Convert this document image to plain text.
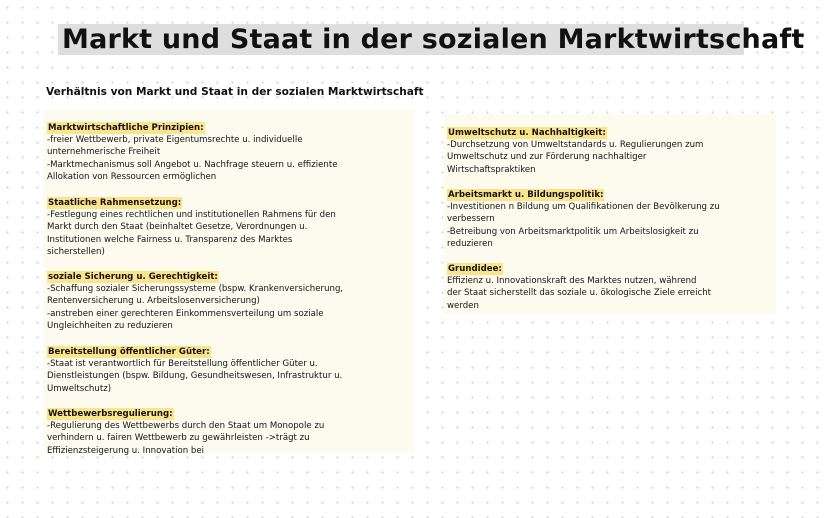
Markt und Staat in der sozialen Marktwirtschaft
Verhältnis von Markt und Staat in der sozialen Marktwirtschaft
Marktwirtschaftliche Prinzipien:
-freier Wettbewerb, private Eigentumsrechte u. individuelle
unternehmerische Freiheit
-Marktmechanismus soll Angebot u. Nachfrage steuern u. effiziente
Allokation von Ressourcen ermöglichen
Staatliche Rahmensetzung:
-Festlegung eines rechtlichen und institutionellen Rahmens für den
Markt durch den Staat (beinhaltet Gesetze, Verordnungen u.
Institutionen welche Fairness u. Transparenz des Marktes
sicherstellen)
soziale Sicherung u. Gerechtigkeit:
-Schaffung sozialer Sicherungssysteme (bspw. Krankenversicherung,
Rentenversicherung u. Arbeitslosenversicherung)
-anstreben einer gerechteren Einkommensverteilung um soziale
Ungleichheiten zu reduzieren
Bereitstellung öffentlicher Güter:
-Staat ist verantwortlich für Bereitstellung öffentlicher Güter u.
Dienstleistungen (bspw. Bildung, Gesundheitswesen, Infrastruktur u.
Umweltschutz)
Wettbewerbsregulierung:
-Regulierung des Wettbewerbs durch den Staat um Monopole zu
verhindern u. fairen Wettbewerb zu gewährleisten ->trägt zu
Effizienzsteigerung u. Innovation bei
Umweltschutz u. Nachhaltigkeit:
-Durchsetzung von Umweltstandards u. Regulierungen zum
Umweltschutz und zur Förderung nachhaltiger
Wirtschaftspraktiken
Arbeitsmarkt u. Bildungspolitik:
-Investitionen n Bildung um Qualifikationen der Bevölkerung zu
verbessern
-Betreibung von Arbeitsmarktpolitik um Arbeitslosigkeit zu
reduzieren
Grundidee:
Effizienz u. Innovationskraft des Marktes nutzen, während
der Staat sicherstellt das soziale u. ökologische Ziele erreicht
werden
